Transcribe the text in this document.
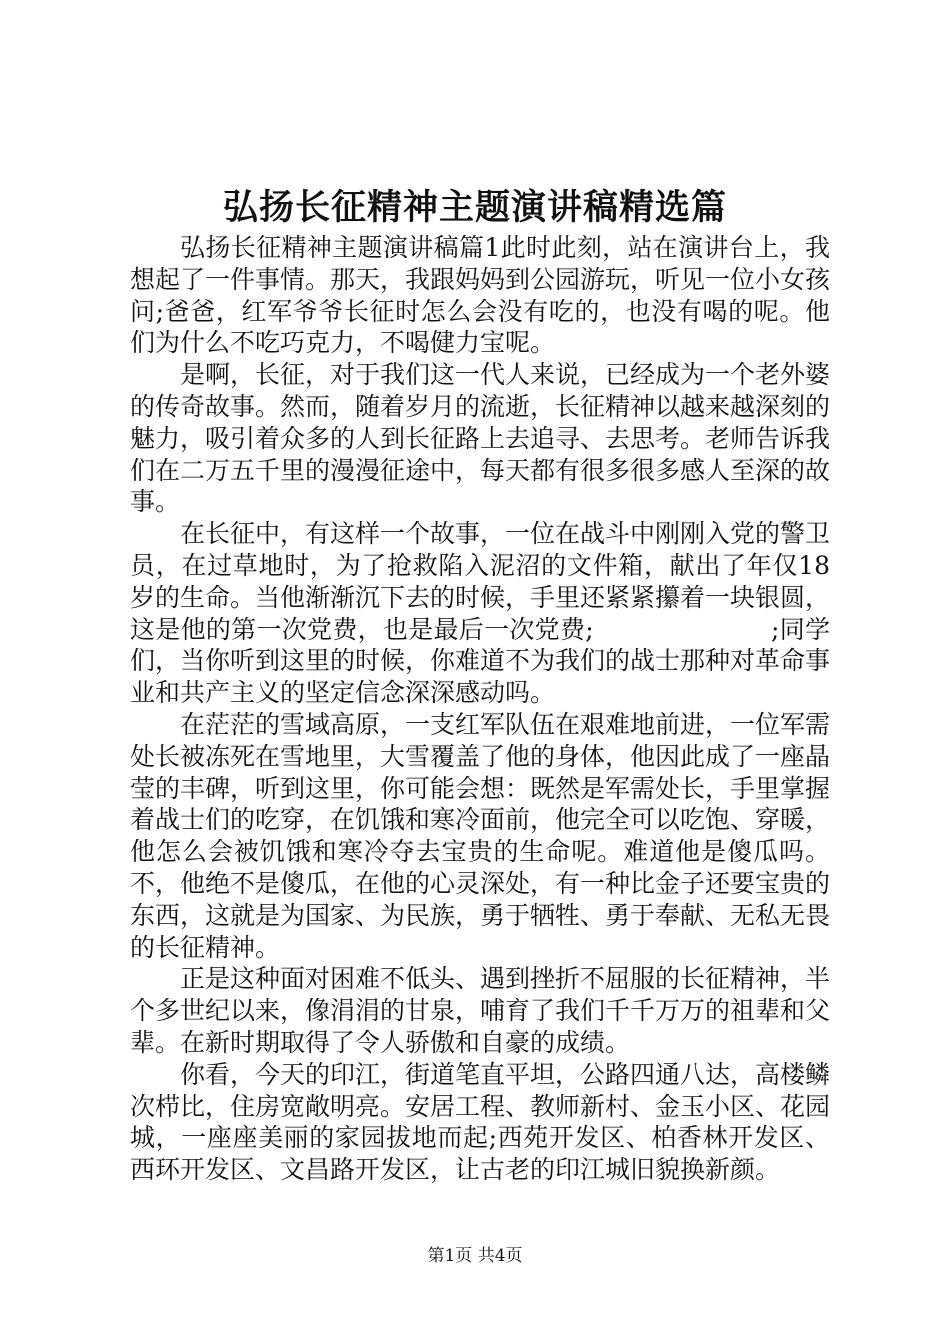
弘扬长征精神主题演讲稿精选篇

弘扬长征精神主题演讲稿篇1此时此刻，站在演讲台上，我想起了一件事情。那天，我跟妈妈到公园游玩，听见一位小女孩问;爸爸，红军爷爷长征时怎么会没有吃的，也没有喝的呢。他们为什么不吃巧克力，不喝健力宝呢。

是啊，长征，对于我们这一代人来说，已经成为一个老外婆的传奇故事。然而，随着岁月的流逝，长征精神以越来越深刻的魅力，吸引着众多的人到长征路上去追寻、去思考。老师告诉我们在二万五千里的漫漫征途中，每天都有很多很多感人至深的故事。

在长征中，有这样一个故事，一位在战斗中刚刚入党的警卫员，在过草地时，为了抢救陷入泥沼的文件箱，献出了年仅18岁的生命。当他渐渐沉下去的时候，手里还紧紧攥着一块银圆，这是他的第一次党费，也是最后一次党费;　　　　　　　;同学们，当你听到这里的时候，你难道不为我们的战士那种对革命事业和共产主义的坚定信念深深感动吗。

在茫茫的雪域高原，一支红军队伍在艰难地前进，一位军需处长被冻死在雪地里，大雪覆盖了他的身体，他因此成了一座晶莹的丰碑，听到这里，你可能会想：既然是军需处长，手里掌握着战士们的吃穿，在饥饿和寒冷面前，他完全可以吃饱、穿暖，他怎么会被饥饿和寒冷夺去宝贵的生命呢。难道他是傻瓜吗。不，他绝不是傻瓜，在他的心灵深处，有一种比金子还要宝贵的东西，这就是为国家、为民族，勇于牺牲、勇于奉献、无私无畏的长征精神。

正是这种面对困难不低头、遇到挫折不屈服的长征精神，半个多世纪以来，像涓涓的甘泉，哺育了我们千千万万的祖辈和父辈。在新时期取得了令人骄傲和自豪的成绩。

你看，今天的印江，街道笔直平坦，公路四通八达，高楼鳞次栉比，住房宽敞明亮。安居工程、教师新村、金玉小区、花园城，一座座美丽的家园拔地而起;西苑开发区、柏香林开发区、西环开发区、文昌路开发区，让古老的印江城旧貌换新颜。

第1页 共4页
